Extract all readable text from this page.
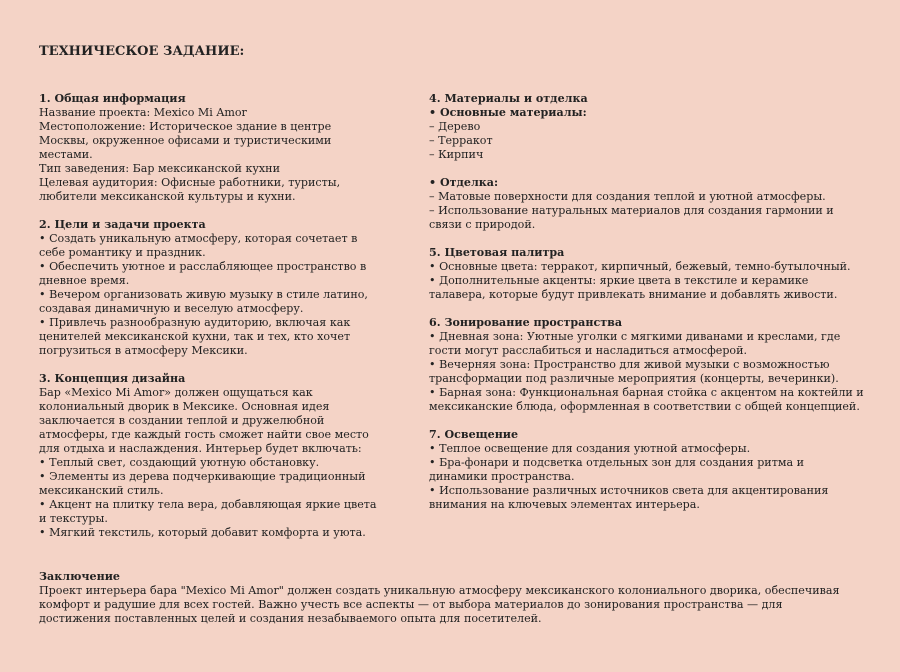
ТЕХНИЧЕСКОЕ ЗАДАНИЕ:
1. Общая информация
Название проекта: Mexico Mi Amor
Местоположение: Историческое здание в центре Москвы, окруженное офисами и туристическими местами.
Тип заведения: Бар мексиканской кухни
Целевая аудитория: Офисные работники, туристы, любители мексиканской культуры и кухни.
2. Цели и задачи проекта
• Создать уникальную атмосферу, которая сочетает в себе романтику и праздник.
• Обеспечить уютное и расслабляющее пространство в дневное время.
• Вечером организовать живую музыку в стиле латино, создавая динамичную и веселую атмосферу.
• Привлечь разнообразную аудиторию, включая как ценителей мексиканской кухни, так и тех, кто хочет погрузиться в атмосферу Мексики.
3. Концепция дизайна
Бар «Mexico Mi Amor» должен ощущаться как колониальный дворик в Мексике. Основная идея заключается в создании теплой и дружелюбной атмосферы, где каждый гость сможет найти свое место для отдыха и наслаждения. Интерьер будет включать:
• Теплый свет, создающий уютную обстановку.
• Элементы из дерева подчеркивающие традиционный мексиканский стиль.
• Акцент на плитку тела вера, добавляющая яркие цвета и текстуры.
• Мягкий текстиль, который добавит комфорта и уюта.
4. Материалы и отделка
• Основные материалы:
– Дерево
– Терракот
– Кирпич
• Отделка:
– Матовые поверхности для создания теплой и уютной атмосферы.
– Использование натуральных материалов для создания гармонии и связи с природой.
5. Цветовая палитра
• Основные цвета: терракот, кирпичный, бежевый, темно-бутылочный.
• Дополнительные акценты: яркие цвета в текстиле и керамике талавера, которые будут привлекать внимание и добавлять живости.
6. Зонирование пространства
• Дневная зона: Уютные уголки с мягкими диванами и креслами, где гости могут расслабиться и насладиться атмосферой.
• Вечерняя зона: Пространство для живой музыки с возможностью трансформации под различные мероприятия (концерты, вечеринки).
• Барная зона: Функциональная барная стойка с акцентом на коктейли и мексиканские блюда, оформленная в соответствии с общей концепцией.
7. Освещение
• Теплое освещение для создания уютной атмосферы.
• Бра-фонари и подсветка отдельных зон для создания ритма и динамики пространства.
• Использование различных источников света для акцентирования внимания на ключевых элементах интерьера.
Заключение
Проект интерьера бара "Mexico Mi Amor" должен создать уникальную атмосферу мексиканского колониального дворика, обеспечивая комфорт и радушие для всех гостей. Важно учесть все аспекты — от выбора материалов до зонирования пространства — для достижения поставленных целей и создания незабываемого опыта для посетителей.
